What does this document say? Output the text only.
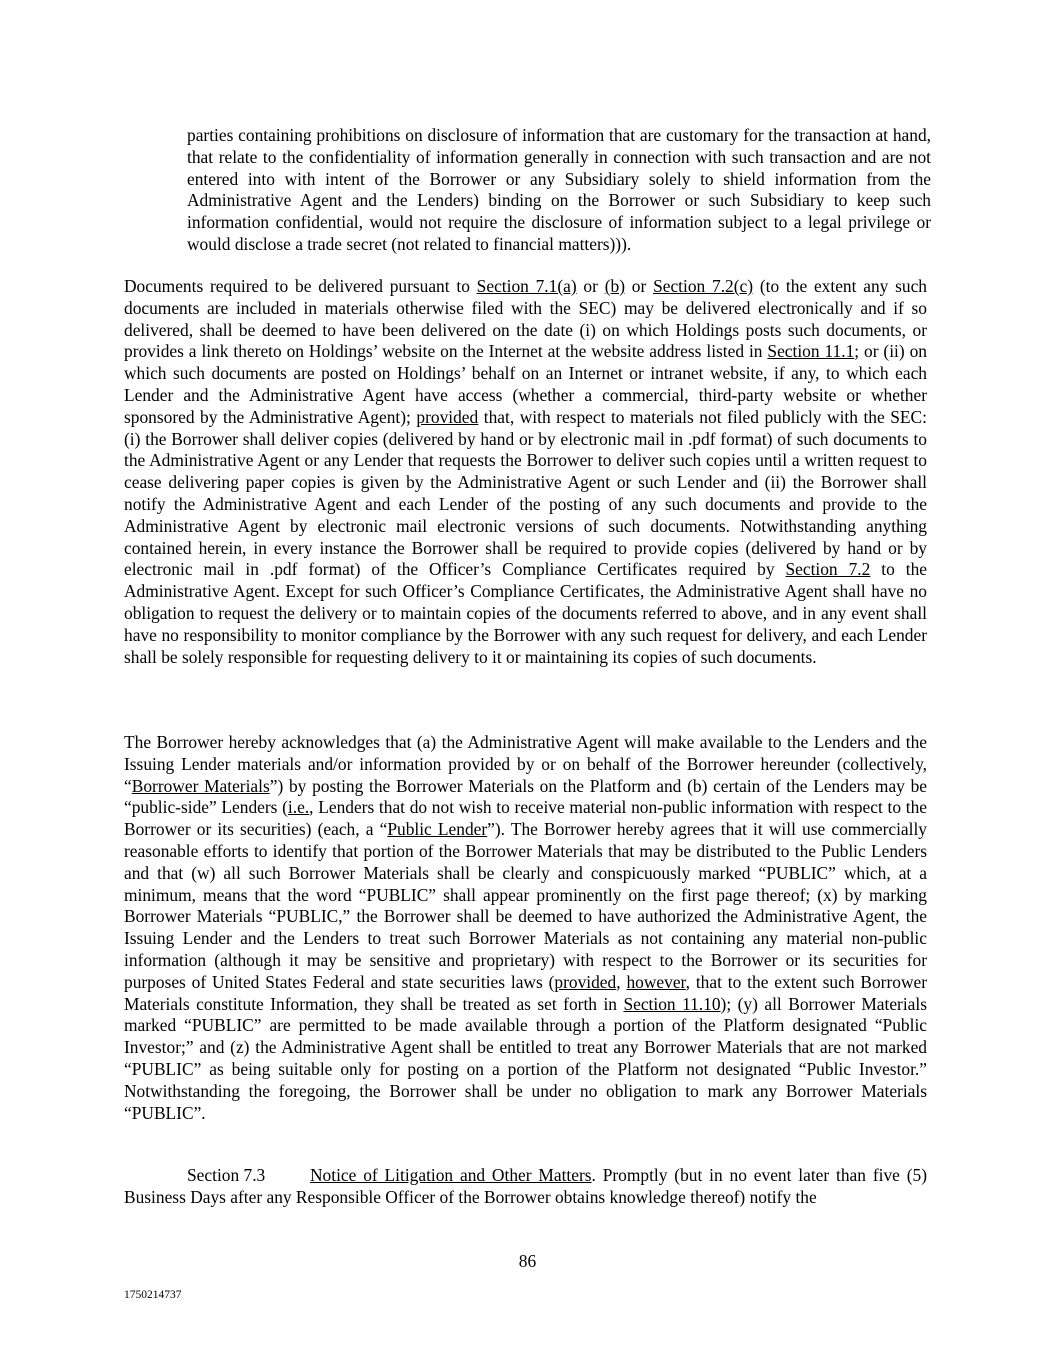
parties containing prohibitions on disclosure of information that are customary for the transaction at hand, that relate to the confidentiality of information generally in connection with such transaction and are not entered into with intent of the Borrower or any Subsidiary solely to shield information from the Administrative Agent and the Lenders) binding on the Borrower or such Subsidiary to keep such information confidential, would not require the disclosure of information subject to a legal privilege or would disclose a trade secret (not related to financial matters))).

Documents required to be delivered pursuant to Section 7.1(a) or (b) or Section 7.2(c) (to the extent any such documents are included in materials otherwise filed with the SEC) may be delivered electronically and if so delivered, shall be deemed to have been delivered on the date (i) on which Holdings posts such documents, or provides a link thereto on Holdings’ website on the Internet at the website address listed in Section 11.1; or (ii) on which such documents are posted on Holdings’ behalf on an Internet or intranet website, if any, to which each Lender and the Administrative Agent have access (whether a commercial, third-party website or whether sponsored by the Administrative Agent); provided that, with respect to materials not filed publicly with the SEC: (i) the Borrower shall deliver copies (delivered by hand or by electronic mail in .pdf format) of such documents to the Administrative Agent or any Lender that requests the Borrower to deliver such copies until a written request to cease delivering paper copies is given by the Administrative Agent or such Lender and (ii) the Borrower shall notify the Administrative Agent and each Lender of the posting of any such documents and provide to the Administrative Agent by electronic mail electronic versions of such documents. Notwithstanding anything contained herein, in every instance the Borrower shall be required to provide copies (delivered by hand or by electronic mail in .pdf format) of the Officer’s Compliance Certificates required by Section 7.2 to the Administrative Agent. Except for such Officer’s Compliance Certificates, the Administrative Agent shall have no obligation to request the delivery or to maintain copies of the documents referred to above, and in any event shall have no responsibility to monitor compliance by the Borrower with any such request for delivery, and each Lender shall be solely responsible for requesting delivery to it or maintaining its copies of such documents.

The Borrower hereby acknowledges that (a) the Administrative Agent will make available to the Lenders and the Issuing Lender materials and/or information provided by or on behalf of the Borrower hereunder (collectively, “Borrower Materials”) by posting the Borrower Materials on the Platform and (b) certain of the Lenders may be “public-side” Lenders (i.e., Lenders that do not wish to receive material non-public information with respect to the Borrower or its securities) (each, a “Public Lender”). The Borrower hereby agrees that it will use commercially reasonable efforts to identify that portion of the Borrower Materials that may be distributed to the Public Lenders and that (w) all such Borrower Materials shall be clearly and conspicuously marked “PUBLIC” which, at a minimum, means that the word “PUBLIC” shall appear prominently on the first page thereof; (x) by marking Borrower Materials “PUBLIC,” the Borrower shall be deemed to have authorized the Administrative Agent, the Issuing Lender and the Lenders to treat such Borrower Materials as not containing any material non-public information (although it may be sensitive and proprietary) with respect to the Borrower or its securities for purposes of United States Federal and state securities laws (provided, however, that to the extent such Borrower Materials constitute Information, they shall be treated as set forth in Section 11.10); (y) all Borrower Materials marked “PUBLIC” are permitted to be made available through a portion of the Platform designated “Public Investor;” and (z) the Administrative Agent shall be entitled to treat any Borrower Materials that are not marked “PUBLIC” as being suitable only for posting on a portion of the Platform not designated “Public Investor.” Notwithstanding the foregoing, the Borrower shall be under no obligation to mark any Borrower Materials “PUBLIC”.

Section 7.3	Notice of Litigation and Other Matters. Promptly (but in no event later than five (5) Business Days after any Responsible Officer of the Borrower obtains knowledge thereof) notify the

86
1750214737
